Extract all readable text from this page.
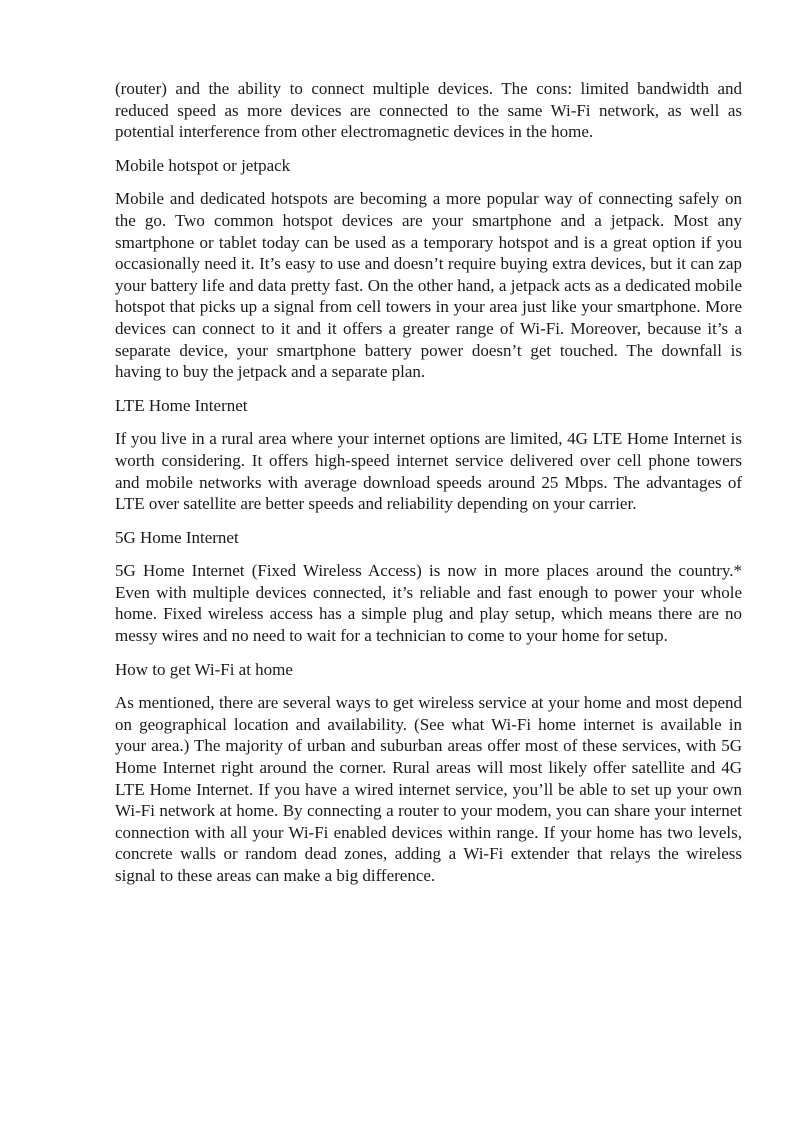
(router) and the ability to connect multiple devices. The cons: limited bandwidth and reduced speed as more devices are connected to the same Wi-Fi network, as well as potential interference from other electromagnetic devices in the home.

Mobile hotspot or jetpack

Mobile and dedicated hotspots are becoming a more popular way of connecting safely on the go. Two common hotspot devices are your smartphone and a jetpack. Most any smartphone or tablet today can be used as a temporary hotspot and is a great option if you occasionally need it. It’s easy to use and doesn’t require buying extra devices, but it can zap your battery life and data pretty fast. On the other hand, a jetpack acts as a dedicated mobile hotspot that picks up a signal from cell towers in your area just like your smartphone. More devices can connect to it and it offers a greater range of Wi-Fi. Moreover, because it’s a separate device, your smartphone battery power doesn’t get touched. The downfall is having to buy the jetpack and a separate plan.

LTE Home Internet

If you live in a rural area where your internet options are limited, 4G LTE Home Internet is worth considering. It offers high-speed internet service delivered over cell phone towers and mobile networks with average download speeds around 25 Mbps. The advantages of LTE over satellite are better speeds and reliability depending on your carrier.

5G Home Internet

5G Home Internet (Fixed Wireless Access) is now in more places around the country.* Even with multiple devices connected, it’s reliable and fast enough to power your whole home. Fixed wireless access has a simple plug and play setup, which means there are no messy wires and no need to wait for a technician to come to your home for setup.

How to get Wi-Fi at home

As mentioned, there are several ways to get wireless service at your home and most depend on geographical location and availability. (See what Wi-Fi home internet is available in your area.) The majority of urban and suburban areas offer most of these services, with 5G Home Internet right around the corner. Rural areas will most likely offer satellite and 4G LTE Home Internet. If you have a wired internet service, you’ll be able to set up your own Wi-Fi network at home. By connecting a router to your modem, you can share your internet connection with all your Wi-Fi enabled devices within range. If your home has two levels, concrete walls or random dead zones, adding a Wi-Fi extender that relays the wireless signal to these areas can make a big difference.
